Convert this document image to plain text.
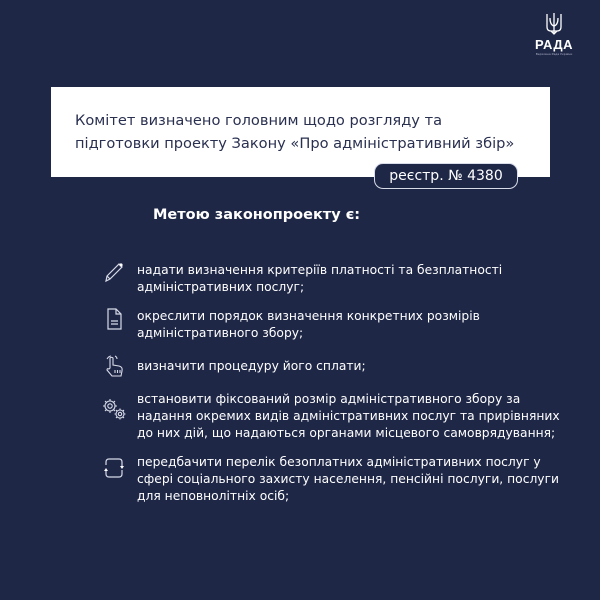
РАДА
Верховна Рада України
Комітет визначено головним щодо розгляду та
підготовки проекту Закону «Про адміністративний збір»
реєстр. № 4380
Метою законопроекту є:
надати визначення критеріїв платності та безплатності адміністративних послуг;
окреслити порядок визначення конкретних розмірів адміністративного збору;
визначити процедуру його сплати;
встановити фіксований розмір адміністративного збору за надання окремих видів адміністративних послуг та прирівняних до них дій, що надаються органами місцевого самоврядування;
передбачити перелік безоплатних адміністративних послуг у сфері соціального захисту населення, пенсійні послуги, послуги для неповнолітніх осіб;
